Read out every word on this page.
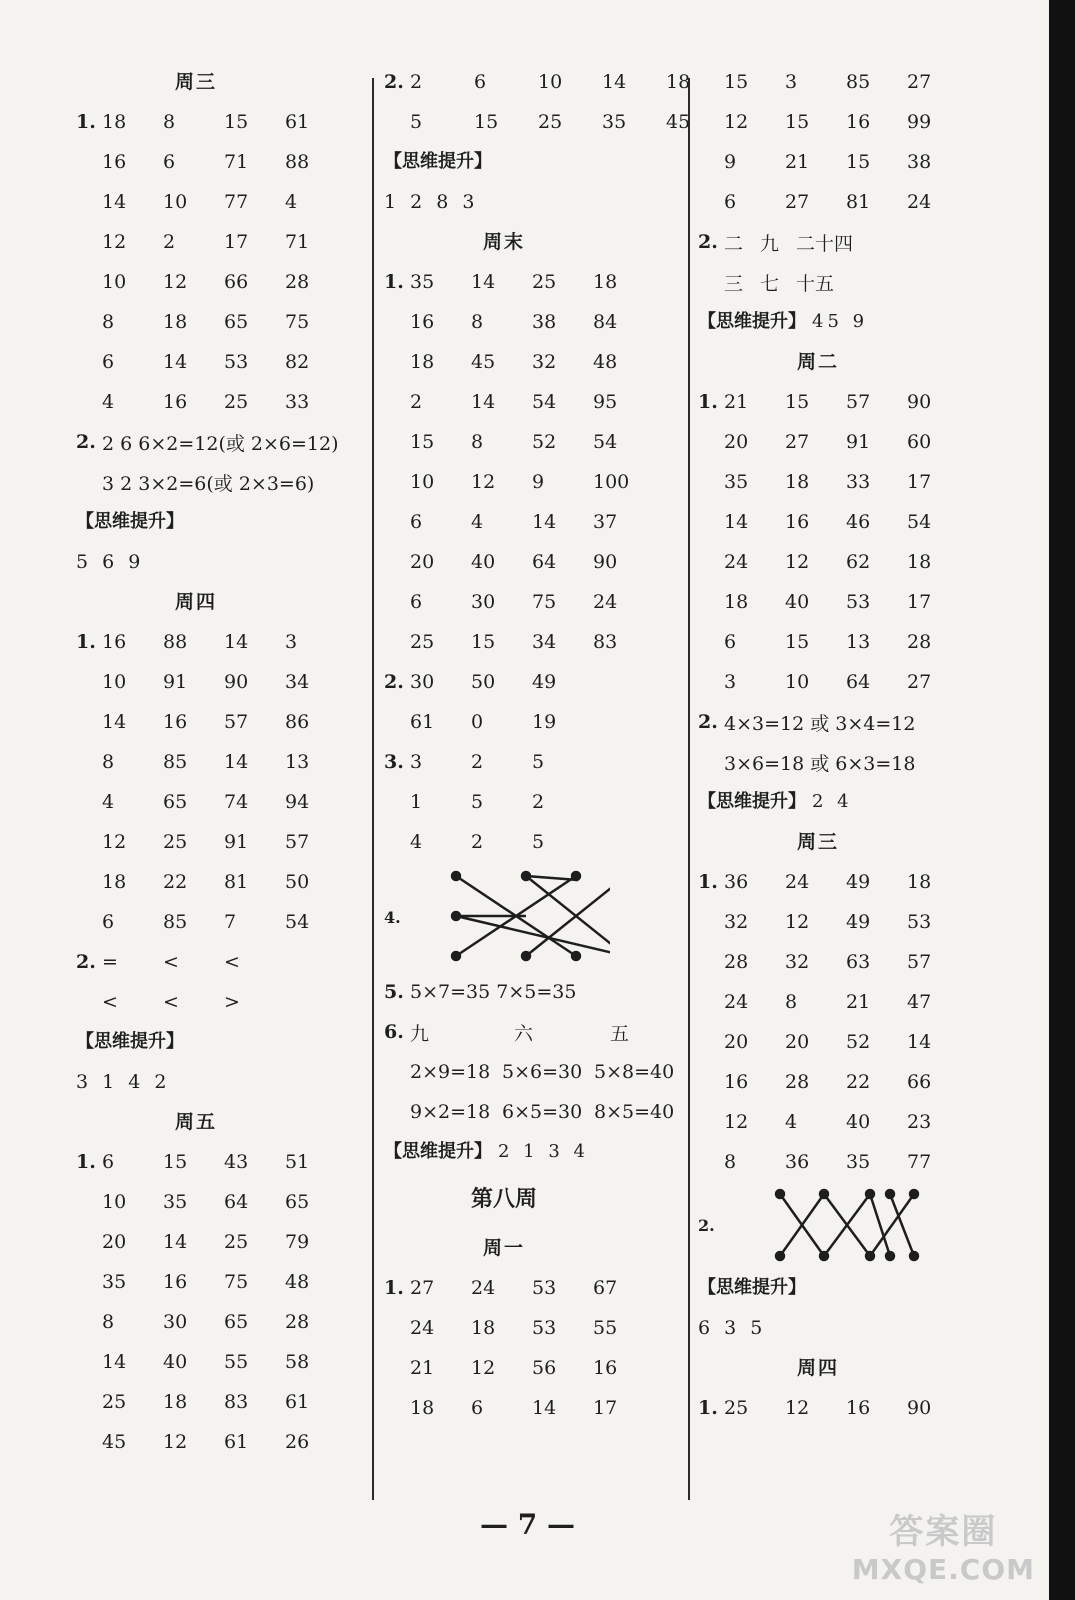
周三
1. 18	8	15	61
16	6	71	88
14	10	77	4
12	2	17	71
10	12	66	28
8	18	65	75
6	14	53	82
4	16	25	33
2. 2 6 6×2=12(或 2×6=12)
3 2 3×2=6(或 2×3=6)
【思维提升】
5 6 9
周四
1. 16	88	14	3
10	91	90	34
14	16	57	86
8	85	14	13
4	65	74	94
12	25	91	57
18	22	81	50
6	85	7	54
2. =	<	<
<	<	>
【思维提升】
3 1 4 2
周五
1. 6	15	43	51
10	35	64	65
20	14	25	79
35	16	75	48
8	30	65	28
14	40	55	58
25	18	83	61
45	12	61	26
2. 2	6	10	14	18
5	15	25	35	45
【思维提升】
1 2 8 3
周末
1. 35	14	25	18
16	8	38	84
18	45	32	48
2	14	54	95
15	8	52	54
10	12	9	100
6	4	14	37
20	40	64	90
6	30	75	24
25	15	34	83
2. 30	50	49
61	0	19
3. 3	2	5
1	5	2
4	2	5
4.
5. 5×7=35 7×5=35
6. 九	六	五
2×9=18 5×6=30 5×8=40
9×2=18 6×5=30 8×5=40
【思维提升】 2 1 3 4
第八周
周一
1. 27	24	53	67
24	18	53	55
21	12	56	16
18	6	14	17
15	3	85	27
12	15	16	99
9	21	15	38
6	27	81	24
2. 二 九 二十四
三 七 十五
【思维提升】 45 9
周二
1. 21	15	57	90
20	27	91	60
35	18	33	17
14	16	46	54
24	12	62	18
18	40	53	17
6	15	13	28
3	10	64	27
2. 4×3=12 或 3×4=12
3×6=18 或 6×3=18
【思维提升】 2 4
周三
1. 36	24	49	18
32	12	49	53
28	32	63	57
24	8	21	47
20	20	52	14
16	28	22	66
12	4	40	23
8	36	35	77
2.
【思维提升】
6 3 5
周四
1. 25	12	16	90
— 7 —	答案圈
MXQE.COM
